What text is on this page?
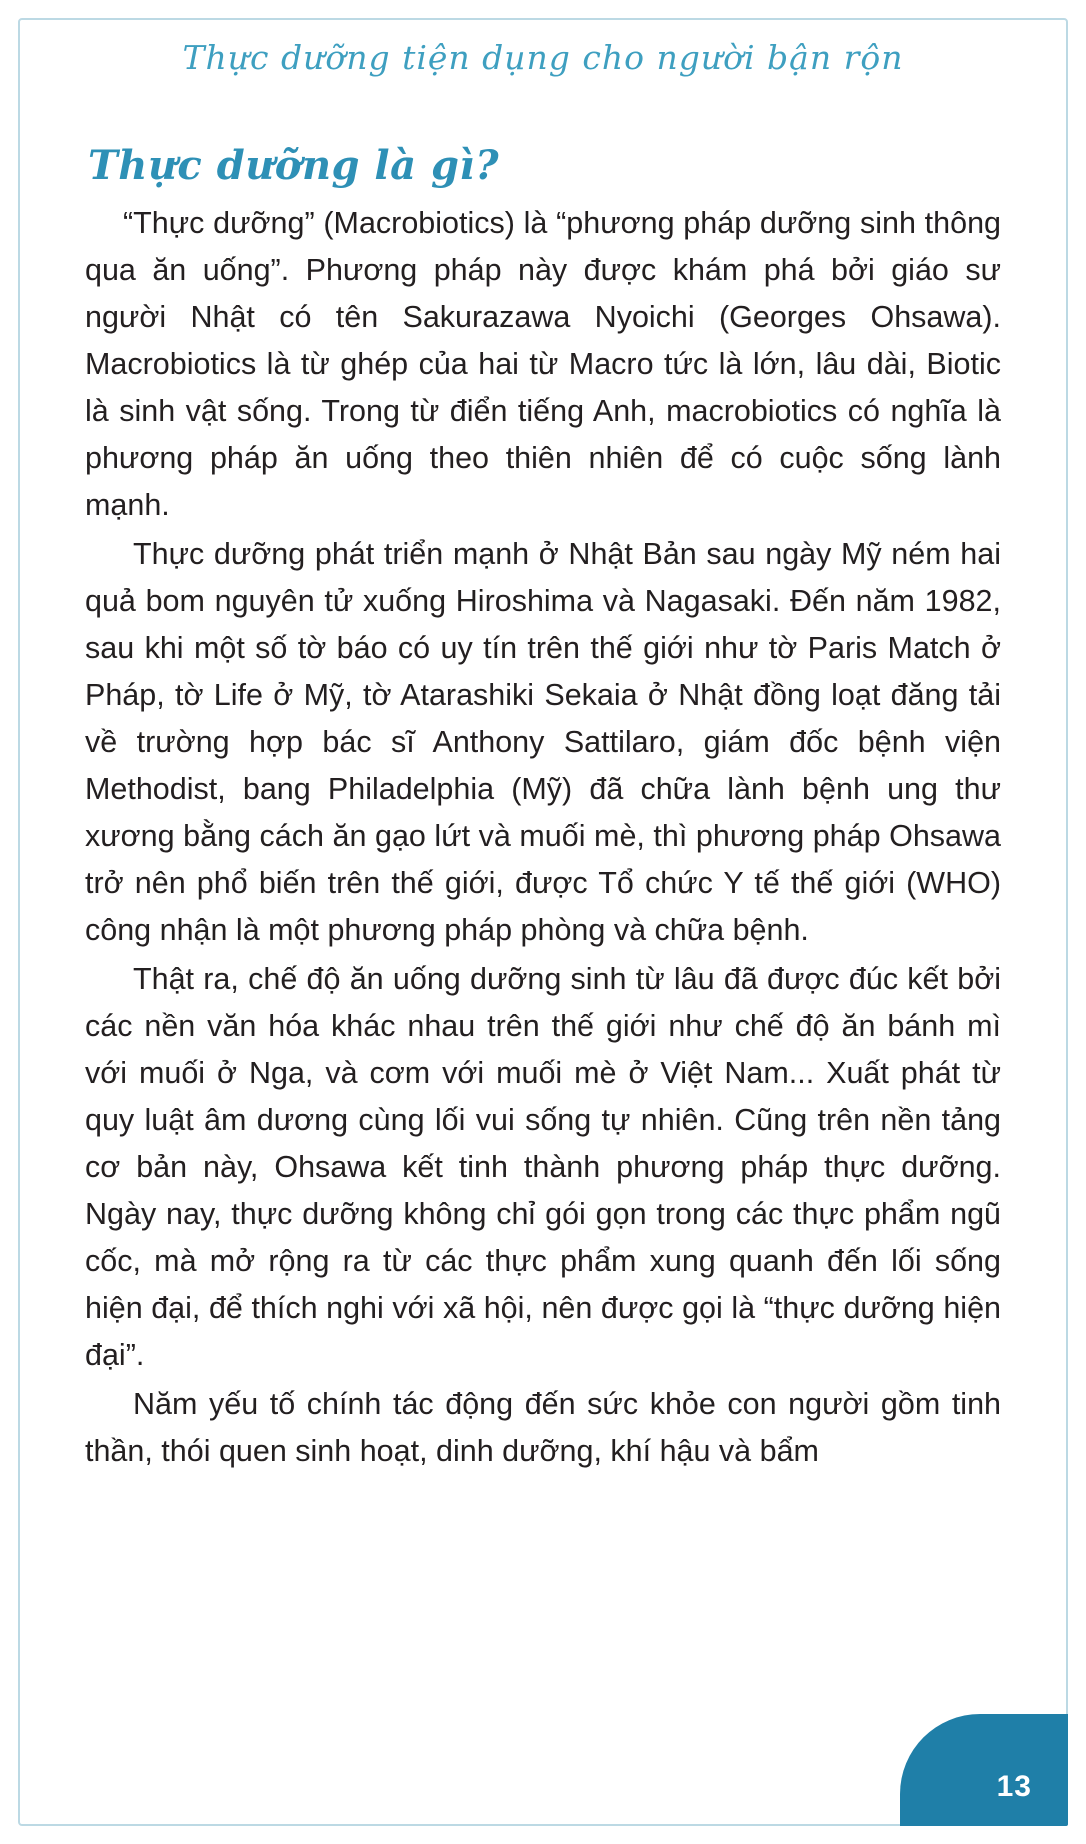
Thực dưỡng tiện dụng cho người bận rộn
Thực dưỡng là gì?

“Thực dưỡng” (Macrobiotics) là “phương pháp dưỡng sinh thông qua ăn uống”. Phương pháp này được khám phá bởi giáo sư người Nhật có tên Sakurazawa Nyoichi (Georges Ohsawa). Macrobiotics là từ ghép của hai từ Macro tức là lớn, lâu dài, Biotic là sinh vật sống. Trong từ điển tiếng Anh, macrobiotics có nghĩa là phương pháp ăn uống theo thiên nhiên để có cuộc sống lành mạnh.

Thực dưỡng phát triển mạnh ở Nhật Bản sau ngày Mỹ ném hai quả bom nguyên tử xuống Hiroshima và Nagasaki. Đến năm 1982, sau khi một số tờ báo có uy tín trên thế giới như tờ Paris Match ở Pháp, tờ Life ở Mỹ, tờ Atarashiki Sekaia ở Nhật đồng loạt đăng tải về trường hợp bác sĩ Anthony Sattilaro, giám đốc bệnh viện Methodist, bang Philadelphia (Mỹ) đã chữa lành bệnh ung thư xương bằng cách ăn gạo lứt và muối mè, thì phương pháp Ohsawa trở nên phổ biến trên thế giới, được Tổ chức Y tế thế giới (WHO) công nhận là một phương pháp phòng và chữa bệnh.

Thật ra, chế độ ăn uống dưỡng sinh từ lâu đã được đúc kết bởi các nền văn hóa khác nhau trên thế giới như chế độ ăn bánh mì với muối ở Nga, và cơm với muối mè ở Việt Nam... Xuất phát từ quy luật âm dương cùng lối vui sống tự nhiên. Cũng trên nền tảng cơ bản này, Ohsawa kết tinh thành phương pháp thực dưỡng. Ngày nay, thực dưỡng không chỉ gói gọn trong các thực phẩm ngũ cốc, mà mở rộng ra từ các thực phẩm xung quanh đến lối sống hiện đại, để thích nghi với xã hội, nên được gọi là “thực dưỡng hiện đại”.

Năm yếu tố chính tác động đến sức khỏe con người gồm tinh thần, thói quen sinh hoạt, dinh dưỡng, khí hậu và bẩm

13
